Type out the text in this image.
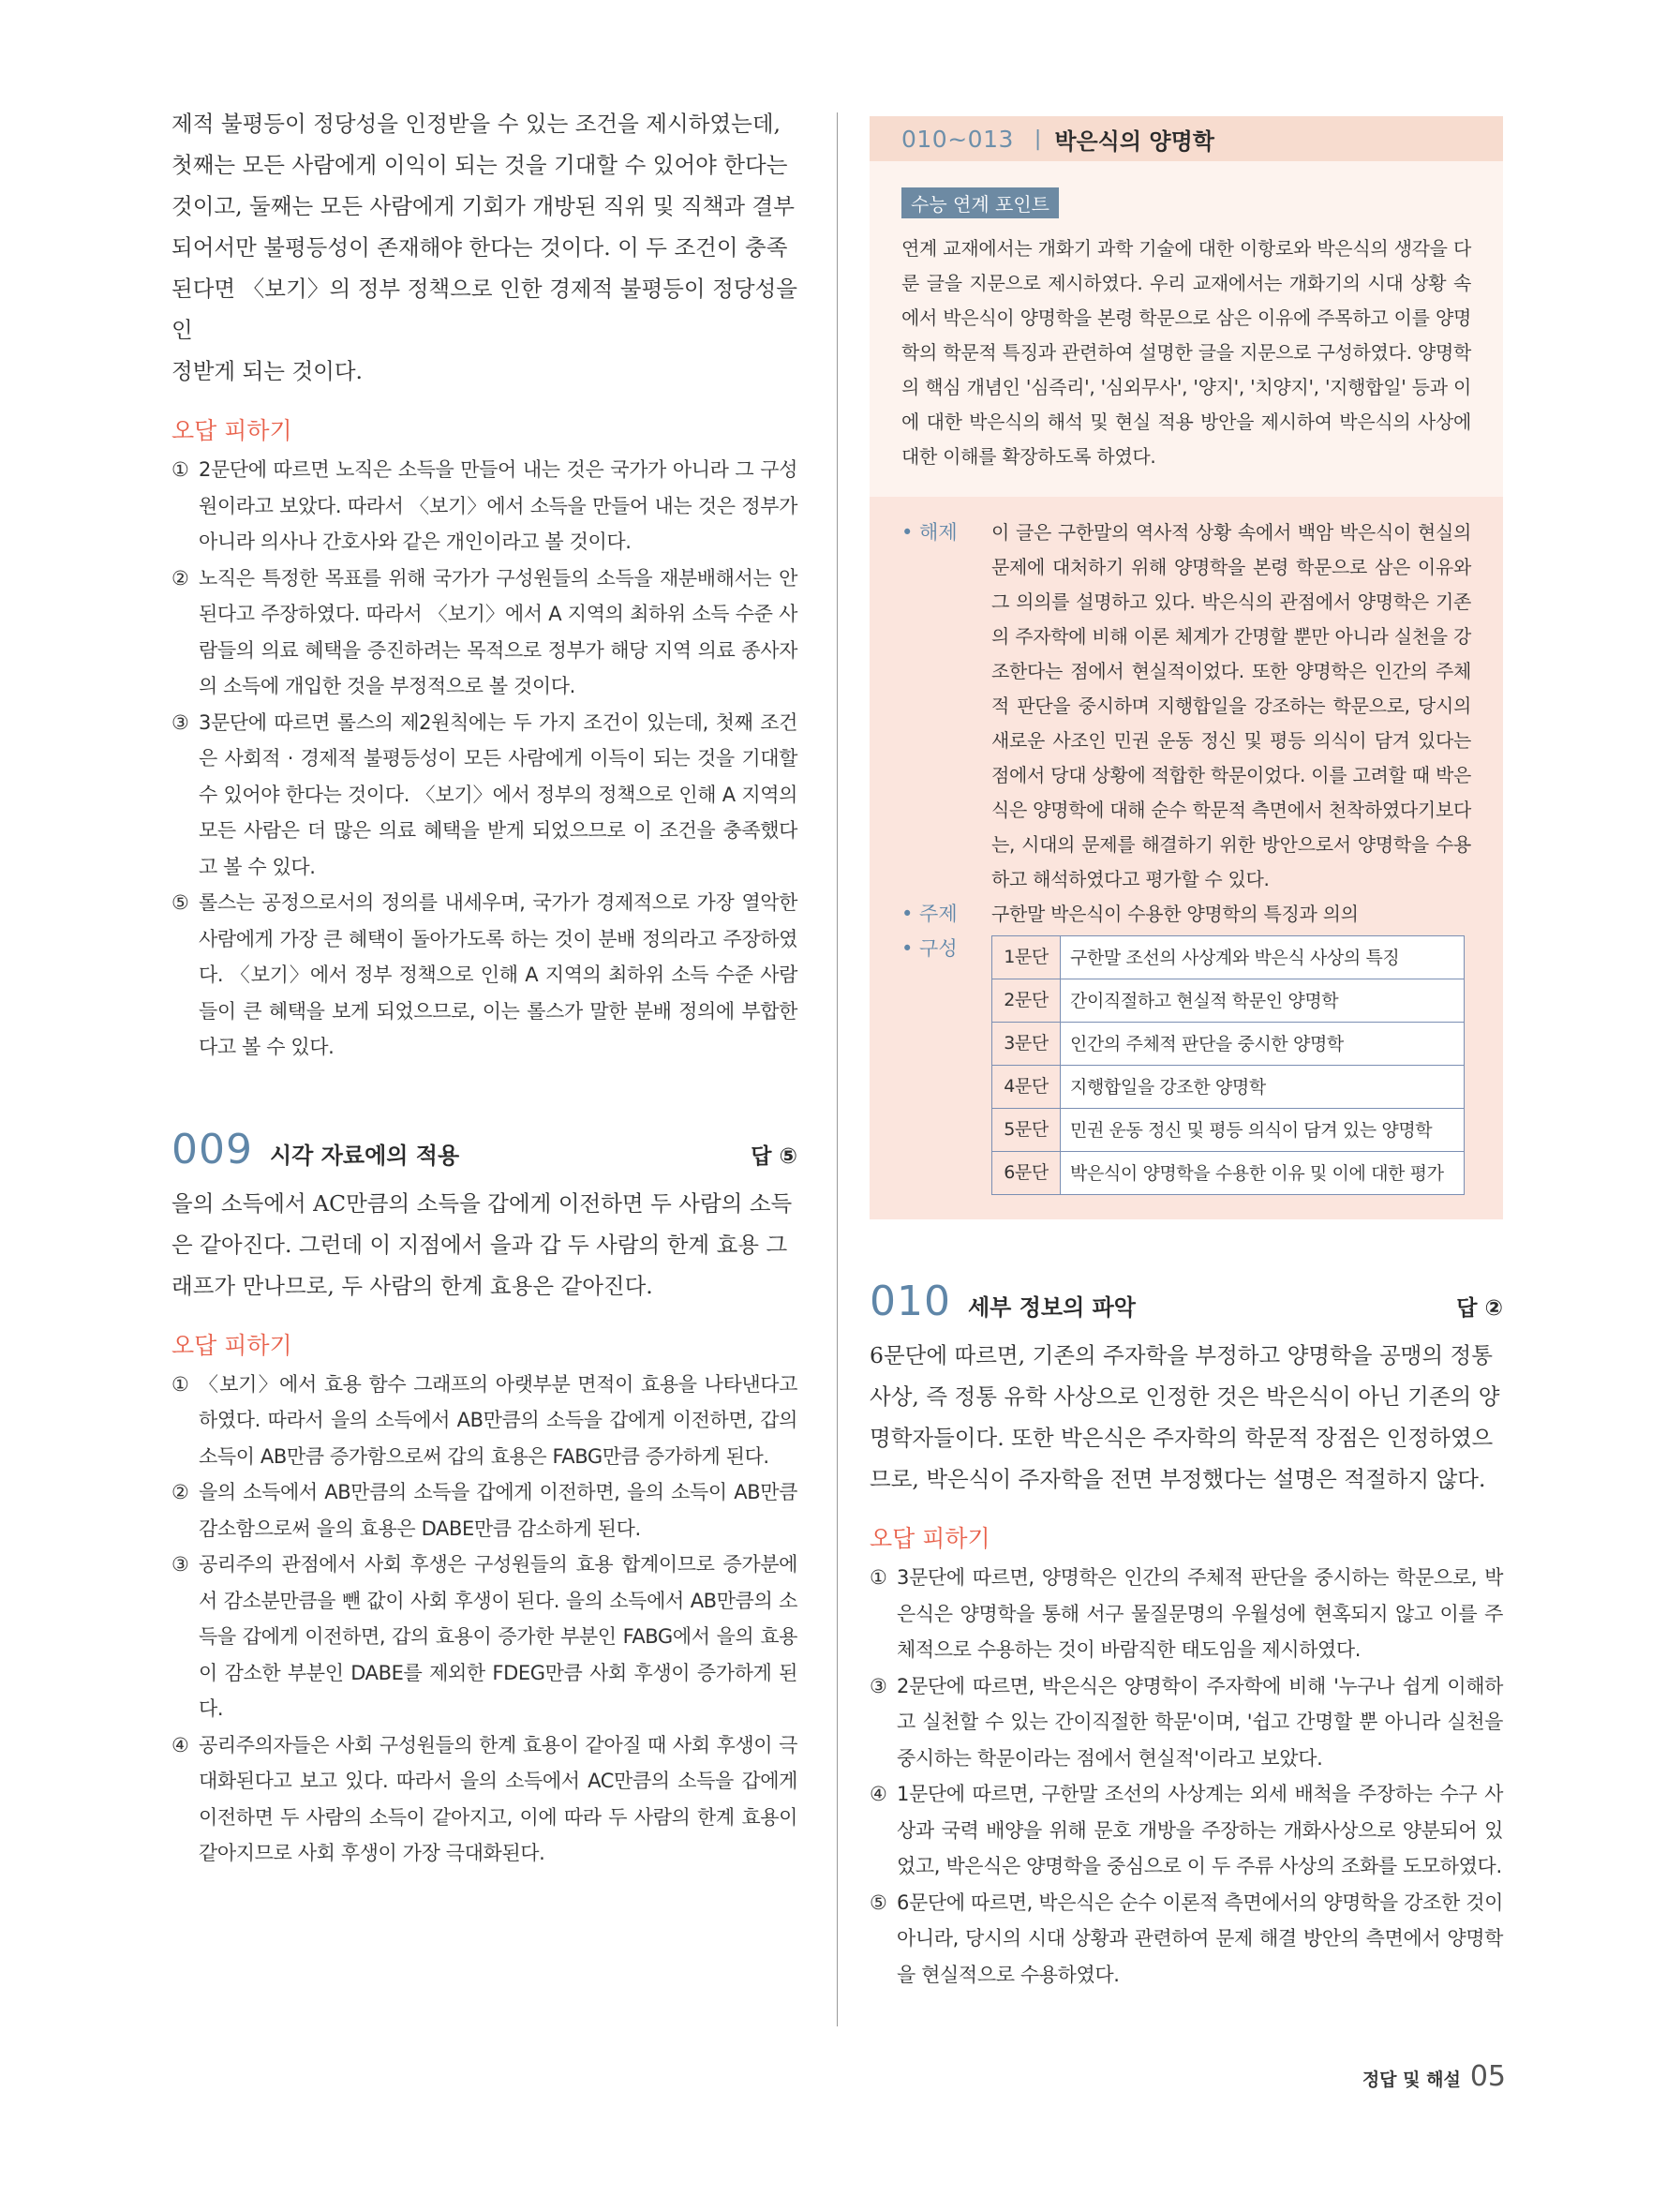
제적 불평등이 정당성을 인정받을 수 있는 조건을 제시하였는데,

첫째는 모든 사람에게 이익이 되는 것을 기대할 수 있어야 한다는

것이고, 둘째는 모든 사람에게 기회가 개방된 직위 및 직책과 결부

되어서만 불평등성이 존재해야 한다는 것이다. 이 두 조건이 충족

된다면 〈보기〉의 정부 정책으로 인한 경제적 불평등이 정당성을 인

정받게 되는 것이다.

오답 피하기
① 2문단에 따르면 노직은 소득을 만들어 내는 것은 국가가 아니라 그 구성원이라고 보았다. 따라서 〈보기〉에서 소득을 만들어 내는 것은 정부가 아니라 의사나 간호사와 같은 개인이라고 볼 것이다.
② 노직은 특정한 목표를 위해 국가가 구성원들의 소득을 재분배해서는 안 된다고 주장하였다. 따라서 〈보기〉에서 A 지역의 최하위 소득 수준 사람들의 의료 혜택을 증진하려는 목적으로 정부가 해당 지역 의료 종사자의 소득에 개입한 것을 부정적으로 볼 것이다.
③ 3문단에 따르면 롤스의 제2원칙에는 두 가지 조건이 있는데, 첫째 조건은 사회적 · 경제적 불평등성이 모든 사람에게 이득이 되는 것을 기대할 수 있어야 한다는 것이다. 〈보기〉에서 정부의 정책으로 인해 A 지역의 모든 사람은 더 많은 의료 혜택을 받게 되었으므로 이 조건을 충족했다고 볼 수 있다.
⑤ 롤스는 공정으로서의 정의를 내세우며, 국가가 경제적으로 가장 열악한 사람에게 가장 큰 혜택이 돌아가도록 하는 것이 분배 정의라고 주장하였다. 〈보기〉에서 정부 정책으로 인해 A 지역의 최하위 소득 수준 사람들이 큰 혜택을 보게 되었으므로, 이는 롤스가 말한 분배 정의에 부합한다고 볼 수 있다.
009 시각 자료에의 적용	답 ⑤

을의 소득에서 AC만큼의 소득을 갑에게 이전하면 두 사람의 소득

은 같아진다. 그런데 이 지점에서 을과 갑 두 사람의 한계 효용 그

래프가 만나므로, 두 사람의 한계 효용은 같아진다.

오답 피하기
① 〈보기〉에서 효용 함수 그래프의 아랫부분 면적이 효용을 나타낸다고 하였다. 따라서 을의 소득에서 AB만큼의 소득을 갑에게 이전하면, 갑의 소득이 AB만큼 증가함으로써 갑의 효용은 FABG만큼 증가하게 된다.
② 을의 소득에서 AB만큼의 소득을 갑에게 이전하면, 을의 소득이 AB만큼 감소함으로써 을의 효용은 DABE만큼 감소하게 된다.
③ 공리주의 관점에서 사회 후생은 구성원들의 효용 합계이므로 증가분에서 감소분만큼을 뺀 값이 사회 후생이 된다. 을의 소득에서 AB만큼의 소득을 갑에게 이전하면, 갑의 효용이 증가한 부분인 FABG에서 을의 효용이 감소한 부분인 DABE를 제외한 FDEG만큼 사회 후생이 증가하게 된다.
④ 공리주의자들은 사회 구성원들의 한계 효용이 같아질 때 사회 후생이 극대화된다고 보고 있다. 따라서 을의 소득에서 AC만큼의 소득을 갑에게 이전하면 두 사람의 소득이 같아지고, 이에 따라 두 사람의 한계 효용이 같아지므로 사회 후생이 가장 극대화된다.
010~013 | 박은식의 양명학
수능 연계 포인트
연계 교재에서는 개화기 과학 기술에 대한 이항로와 박은식의 생각을 다룬 글을 지문으로 제시하였다. 우리 교재에서는 개화기의 시대 상황 속에서 박은식이 양명학을 본령 학문으로 삼은 이유에 주목하고 이를 양명학의 학문적 특징과 관련하여 설명한 글을 지문으로 구성하였다. 양명학의 핵심 개념인 '심즉리', '심외무사', '양지', '치양지', '지행합일' 등과 이에 대한 박은식의 해석 및 현실 적용 방안을 제시하여 박은식의 사상에 대한 이해를 확장하도록 하였다.
• 해제	이 글은 구한말의 역사적 상황 속에서 백암 박은식이 현실의 문제에 대처하기 위해 양명학을 본령 학문으로 삼은 이유와 그 의의를 설명하고 있다. 박은식의 관점에서 양명학은 기존의 주자학에 비해 이론 체계가 간명할 뿐만 아니라 실천을 강조한다는 점에서 현실적이었다. 또한 양명학은 인간의 주체적 판단을 중시하며 지행합일을 강조하는 학문으로, 당시의 새로운 사조인 민권 운동 정신 및 평등 의식이 담겨 있다는 점에서 당대 상황에 적합한 학문이었다. 이를 고려할 때 박은식은 양명학에 대해 순수 학문적 측면에서 천착하였다기보다는, 시대의 문제를 해결하기 위한 방안으로서 양명학을 수용하고 해석하였다고 평가할 수 있다.
• 주제	구한말 박은식이 수용한 양명학의 특징과 의의
• 구성	1문단	구한말 조선의 사상계와 박은식 사상의 특징
2문단	간이직절하고 현실적 학문인 양명학
3문단	인간의 주체적 판단을 중시한 양명학
4문단	지행합일을 강조한 양명학
5문단	민권 운동 정신 및 평등 의식이 담겨 있는 양명학
6문단	박은식이 양명학을 수용한 이유 및 이에 대한 평가
010 세부 정보의 파악	답 ②

6문단에 따르면, 기존의 주자학을 부정하고 양명학을 공맹의 정통

사상, 즉 정통 유학 사상으로 인정한 것은 박은식이 아닌 기존의 양

명학자들이다. 또한 박은식은 주자학의 학문적 장점은 인정하였으

므로, 박은식이 주자학을 전면 부정했다는 설명은 적절하지 않다.

오답 피하기
① 3문단에 따르면, 양명학은 인간의 주체적 판단을 중시하는 학문으로, 박은식은 양명학을 통해 서구 물질문명의 우월성에 현혹되지 않고 이를 주체적으로 수용하는 것이 바람직한 태도임을 제시하였다.
③ 2문단에 따르면, 박은식은 양명학이 주자학에 비해 '누구나 쉽게 이해하고 실천할 수 있는 간이직절한 학문'이며, '쉽고 간명할 뿐 아니라 실천을 중시하는 학문이라는 점에서 현실적'이라고 보았다.
④ 1문단에 따르면, 구한말 조선의 사상계는 외세 배척을 주장하는 수구 사상과 국력 배양을 위해 문호 개방을 주장하는 개화사상으로 양분되어 있었고, 박은식은 양명학을 중심으로 이 두 주류 사상의 조화를 도모하였다.
⑤ 6문단에 따르면, 박은식은 순수 이론적 측면에서의 양명학을 강조한 것이 아니라, 당시의 시대 상황과 관련하여 문제 해결 방안의 측면에서 양명학을 현실적으로 수용하였다.
정답 및 해설 05
